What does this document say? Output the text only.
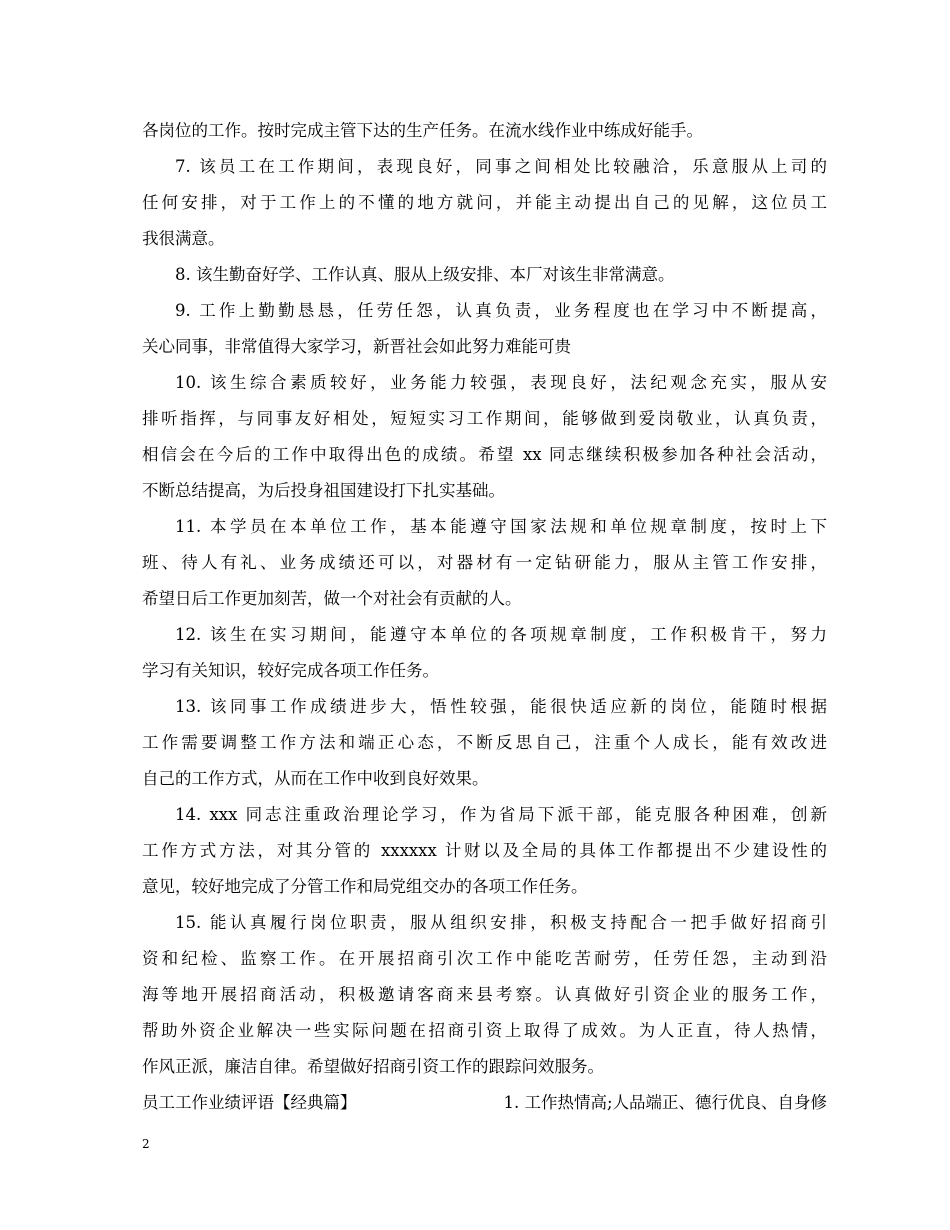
各岗位的工作。按时完成主管下达的生产任务。在流水线作业中练成好能手。
7. 该员工在工作期间，表现良好，同事之间相处比较融洽，乐意服从上司的
任何安排，对于工作上的不懂的地方就问，并能主动提出自己的见解，这位员工
我很满意。
8. 该生勤奋好学、工作认真、服从上级安排、本厂对该生非常满意。
9. 工作上勤勤恳恳，任劳任怨，认真负责，业务程度也在学习中不断提高，
关心同事，非常值得大家学习，新晋社会如此努力难能可贵
10. 该生综合素质较好，业务能力较强，表现良好，法纪观念充实，服从安
排听指挥，与同事友好相处，短短实习工作期间，能够做到爱岗敬业，认真负责，
相信会在今后的工作中取得出色的成绩。希望 xx 同志继续积极参加各种社会活动，
不断总结提高，为后投身祖国建设打下扎实基础。
11. 本学员在本单位工作，基本能遵守国家法规和单位规章制度，按时上下
班、待人有礼、业务成绩还可以，对器材有一定钻研能力，服从主管工作安排，
希望日后工作更加刻苦，做一个对社会有贡献的人。
12. 该生在实习期间，能遵守本单位的各项规章制度，工作积极肯干，努力
学习有关知识，较好完成各项工作任务。
13. 该同事工作成绩进步大，悟性较强，能很快适应新的岗位，能随时根据
工作需要调整工作方法和端正心态，不断反思自己，注重个人成长，能有效改进
自己的工作方式，从而在工作中收到良好效果。
14. xxx 同志注重政治理论学习，作为省局下派干部，能克服各种困难，创新
工作方式方法，对其分管的 xxxxxx 计财以及全局的具体工作都提出不少建设性的
意见，较好地完成了分管工作和局党组交办的各项工作任务。
15. 能认真履行岗位职责，服从组织安排，积极支持配合一把手做好招商引
资和纪检、监察工作。在开展招商引次工作中能吃苦耐劳，任劳任怨，主动到沿
海等地开展招商活动，积极邀请客商来县考察。认真做好引资企业的服务工作，
帮助外资企业解决一些实际问题在招商引资上取得了成效。为人正直，待人热情，
作风正派，廉洁自律。希望做好招商引资工作的跟踪问效服务。
员工工作业绩评语【经典篇】	1. 工作热情高;人品端正、德行优良、自身修
2
